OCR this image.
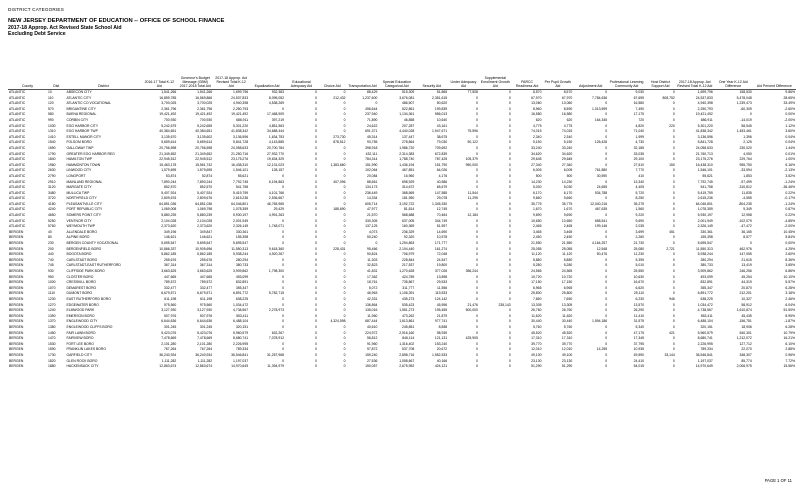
DISTRICT CATEGORIES
NEW JERSEY DEPARTMENT OF EDUCATION -- OFFICE OF SCHOOL FINANCE
2017-18 Approp. Act Revised State School Aid
Excluding Debt Service
County	Dist	District	2016-17 Total K-12 Aid	Governor's Budget Message (GBM) 2017-2018 Total Aid	2017-18 Approp. Act Revised Total K-12 Aid	Equalization Aid	Educational Adequacy Aid	Choice Aid	Transportation Aid	Special Education Categorical Aid	Security Aid	Under Adequacy Aid	Supplemental Enrollment Growth Aid	PARCC Readiness Aid	Per Pupil Growth Aid	Adjustment Aid	Professional Learning Community Aid	Host District Support Aid	2017-18 Approp. Act Revised Total K-12 Aid	One Year K-12 Aid Difference	Aid Percent Difference
ATLANTIC	10	ABSECON CITY	1,541,266	1,541,266	1,699,796	932,383	0	0	88,429	515,309	51,865	77,508	0	8,570	8,570	0	9,030	0	1,699,796	158,530	9.86%
ATLANTIC	110	ATLANTIC CITY	16,859,785	16,569,866	24,537,833	8,095,052	0	212,432	1,237,600	3,676,081	2,351,615	0	0	67,970	67,970	7,784,636	67,695	808,752	24,537,833	5,478,048	28.65%
ATLANTIC	120	ATLANTIC CO VOCATIONAL	3,700,025	3,700,025	4,940,398	4,538,269	0	0	0	486,507	50,620	0	0	13,060	13,060	0	16,580	0	4,940,398	1,239,473	33.49%
ATLANTIC	570	BRIGANTINE CITY	2,361,796	2,361,796	2,250,793	0	0	0	496,644	522,861	199,839	0	0	8,960	8,590	1,013,599	7,490	0	2,250,793	-60,309	-2.60%
ATLANTIC	580	BUENA REGIONAL	19,421,492	19,421,492	19,421,492	17,468,909	0	0	237,940	1,134,361	556,013	0	0	16,580	16,580	0	17,175	0	19,421,492	0	0.00%
ATLANTIC	990	CORBIN CITY	700,930	700,930	686,911	397,219	0	0	71,890	46,858	10,640	0	0	620	620	164,345	720	0	686,911	-14,019	-2.00%
ATLANTIC	1030	EGG HARBOR CITY	5,242,675	5,242,655	5,301,220	4,851,563	0	0	24,622	207,287	43,161	0	0	4,775	4,775	0	4,820	220	5,301,220	58,545	1.12%
ATLANTIC	1310	EGG HARBOR TWP	40,384,651	40,384,651	41,838,342	34,688,444	0	0	691,371	4,440,028	1,947,671	75,596	0	74,015	74,015	0	71,040	0	41,838,342	1,453,461	3.60%
ATLANTIC	1410	ESTELL MANOR CITY	3,135,670	3,135,602	3,136,596	1,634,753	0	273,730	45,314	137,447	38,675	0	0	2,340	2,340	0	1,999	0	3,136,596	1,396	0.04%
ATLANTIC	1540	FOLSOM BORO	5,659,614	5,659,614	5,841,728	4,143,885	0	878,512	93,755	278,864	79,030	50,122	0	5,150	5,150	126,428	4,730	0	5,841,728	2,125	0.04%
ATLANTIC	1690	GALLOWAY TWP	20,756,598	20,756,598	24,058,633	20,700,784	0	0	398,918	1,986,720	709,692	0	0	33,240	33,240	0	32,185	0	24,058,633	230,020	1.44%
ATLANTIC	1790	GREATER EGG HARBOR REG	21,349,652	21,349,652	21,250,716	27,932,770	0	0	432,111	2,314,383	672,839	0	0	34,620	34,620	0	33,035	0	21,760,713	4,050	0.01%
ATLANTIC	1840	HAMILTON TWP	22,945,512	22,945,512	23,175,276	19,634,329	0	0	784,314	1,788,740	787,425	105,379	0	29,645	29,645	0	29,100	0	23,175,276	229,764	1.00%
ATLANTIC	1960	HAMMONTON TOWN	15,463,178	15,561,742	16,438,310	12,131,023	0	1,383,660	151,990	1,436,194	151,790	950,000	0	27,340	27,340	0	27,510	150	16,438,310	955,750	6.16%
ATLANTIC	2630	LINWOOD CITY	1,579,695	1,579,695	1,546,101	128,157	0	0	102,064	467,851	64,026	0	0	6,005	6,005	761,880	7,770	0	1,546,101	-33,594	-2.13%
ATLANTIC	2790	LONGPORT	53,874	52,874	55,621	0	0	0	20,084	16,960	4,176	0	0	500	500	30,590	410	0	55,621	1,853	3.52%
ATLANTIC	2910	MAINLAND REGIONAL	7,890,244	7,890,244	7,792,745	6,194,863	0	407,096	88,661	698,929	40,586	0	0	14,230	14,230	0	13,340	0	7,792,745	-97,499	-1.24%
ATLANTIC	3120	MARGATE CITY	852,570	852,570	541,758	0	0	0	134,173	314,672	65,679	0	0	5,030	5,030	24,655	4,405	0	541,758	-310,812	-36.46%
ATLANTIC	3480	MULLICA TWP	5,407,924	5,407,924	5,419,759	4,101,766	0	0	236,449	368,569	147,585	11,544	0	6,170	6,170	534,788	5,720	0	5,419,759	11,835	0.22%
ATLANTIC	3720	NORTHFIELD CITY	2,809,676	2,809,676	2,615,236	2,536,667	0	0	14,334	181,950	29,078	11,295	0	9,660	9,660	0	8,250	0	2,615,236	-4,555	-0.17%
ATLANTIC	4180	PLEASANTVILLE CITY	64,851,036	64,851,036	64,046,801	46,765,965	0	0	605,714	3,192,722	1,345,330	0	0	35,775	35,775	12,040,216	35,275	0	64,046,801	-804,235	-1.24%
ATLANTIC	4240	PORT REPUBLIC CITY	1,069,008	1,069,798	1,078,359	29,429	0	188,690	47,977	81,814	12,745	0	0	1,670	1,670	467,635	1,560	0	1,078,359	9,349	0.87%
ATLANTIC	4650	SOMERS POINT CITY	5,880,239	5,880,239	5,930,197	4,991,263	0	0	21,570	568,688	70,464	12,184	0	9,690	9,690	0	9,220	0	5,930,197	12,958	0.22%
ATLANTIC	5250	VENTNOR CITY	2,104,028	2,104,028	2,001,949	0	0	0	330,305	637,005	344,749	0	0	10,650	10,650	658,541	9,690	0	2,001,949	-102,079	-4.85%
ATLANTIC	5760	WEYMOUTH TWP	2,373,620	2,373,620	2,326,149	1,748,071	0	0	137,125	160,369	51,597	0	0	2,465	2,465	199,146	2,035	0	2,326,149	-47,472	-2.00%
BERGEN	40	ALLENDALE BORO	349,196	349,847	330,361	0	0	0	4,073	236,329	14,690	0	0	3,465	3,465	0	3,699	451	330,361	36,165	10.45%
BERGEN	80	ALPINE BORO	146,621	146,621	155,398	0	0	0	50,240	92,320	10,578	0	0	2,450	2,450	0	2,260	0	155,398	8,577	5.84%
BERGEN	230	BERGEN COUNTY VOCATIONAL	5,695,547	5,695,547	5,695,547	0	0	0	0	1,294,863	171,777	0	0	21,550	21,550	4,164,257	21,730	0	5,695,547	0	0.00%
BERGEN	200	BERGENFIELD BORO	10,866,337	10,905,696	11,550,313	9,618,360	0	228,431	95,466	2,104,440	161,274	0	0	25,055	25,055	12,548	25,080	2,721	11,550,313	462,976	4.25%
BERGEN	440	BOGOTA BORO	5,862,185	5,862,185	5,938,244	4,920,267	0	0	50,824	706,979	72,048	0	0	11,120	11,120	50,476	11,230	0	5,938,244	147,055	2.60%
BERGEN	740	CARLSTADT BORO	255,676	255,676	280,294	0	0	0	11,303	228,844	24,547	0	0	5,880	5,880	0	5,395	0	280,294	21,615	8.36%
BERGEN	745	CARLSTADT-EAST RUTHERFORD	367,314	367,314	380,733	0	0	0	32,823	217,537	19,800	0	0	5,280	5,280	0	5,010	0	380,733	13,419	3.65%
BERGEN	930	CLIFFSIDE PARK BORO	3,663,625	3,663,625	3,909,862	1,798,300	0	0	41,831	1,270,628	377,026	356,244	0	24,565	24,565	0	25,550	0	3,909,862	246,256	6.86%
BERGEN	950	CLOSTER BORO	447,665	447,665	493,099	0	0	0	17,362	424,789	13,898	0	0	10,720	10,720	0	10,630	0	493,099	45,254	10.10%
BERGEN	1000	CRESSKILL BORO	789,572	789,572	832,891	0	0	0	18,761	735,867	29,533	0	0	17,150	17,150	0	16,670	0	832,891	44,319	5.57%
BERGEN	1070	DEMAREST BORO	332,477	332,477	355,347	0	0	0	5,072	311,777	11,556	0	0	6,965	6,965	0	6,620	0	355,347	20,870	6.28%
BERGEN	1110	DUMONT BORO	6,679,571	6,679,571	6,891,772	5,782,715	0	0	46,963	1,106,391	119,533	0	0	25,800	25,800	0	25,110	0	6,891,772	212,201	3.18%
BERGEN	1230	EAST RUTHERFORD BORO	611,198	611,198	638,225	0	0	0	42,331	435,273	124,142	0	0	7,650	7,650	0	6,230	946	638,225	10,327	2.46%
BERGEN	1270	EDGEWATER BORO	975,560	975,560	1,034,472	0	0	0	136,864	535,423	45,596	21,476	235,143	13,305	13,305	0	13,570	0	1,034,472	58,912	6.04%
BERGEN	1240	ELMWOOD PARK	3,127,930	3,127,930	4,738,567	2,278,973	0	0	135,016	1,551,273	195,455	500,000	0	26,760	26,760	0	26,290	0	4,738,567	1,610,874	51.50%
BERGEN	1390	EMERSON BORO	507,976	507,976	553,411	0	0	0	11,960	473,262	21,879	0	0	11,620	11,620	0	11,410	0	553,411	45,435	8.95%
BERGEN	1370	ENGLEWOOD CITY	6,644,636	6,644,636	6,488,104	0	0	4,324,598	687,444	1,613,861	977,741	0	0	30,440	30,440	1,594,186	31,575	0	6,488,104	-156,751	-1.87%
BERGEN	1380	ENGLEWOOD CLIFFS BORO	301,245	301,245	320,151	0	0	0	40,610	245,851	8,588	0	0	5,760	5,760	0	5,340	0	320,151	18,906	6.28%
BERGEN	1450	FAIR LAWN BORO	5,423,076	5,423,076	5,960,579	632,267	0	0	224,972	2,916,160	98,939	0	0	45,520	45,520	0	47,175	421	5,960,579	540,301	10.79%
BERGEN	1470	FAIRVIEW BORO	7,478,669	7,478,669	8,680,741	7,078,912	0	0	56,812	846,114	121,131	425,905	0	17,310	17,310	0	17,345	0	8,680,741	1,212,072	16.21%
BERGEN	1530	FORT LEE BORO	2,101,280	2,101,280	2,226,995	0	0	0	91,960	1,316,402	153,240	0	0	39,770	39,770	0	37,795	0	2,226,995	127,712	6.10%
BERGEN	1590	FRANKLIN LAKES BORO	767,264	767,264	789,334	0	0	0	97,872	537,708	20,672	0	0	12,010	12,010	14,255	10,935	0	789,334	22,070	2.88%
BERGEN	1730	GARFIELD CITY	36,240,934	36,240,934	36,546,841	31,257,968	0	0	159,240	2,898,716	1,552,533	0	0	49,100	49,100	0	49,590	33,144	36,546,841	348,307	0.96%
BERGEN	1820	GLEN ROCK BORO	1,111,282	1,111,282	1,197,037	0	0	0	27,536	1,058,667	40,166	0	0	23,130	23,130	0	24,410	0	1,197,037	85,774	7.72%
BERGEN	1880	HACKENSACK CITY	12,863,674	12,863,674	14,970,649	11,394,979	0	0	150,057	2,675,952	424,121	0	0	51,290	51,290	0	54,015	0	14,970,649	2,006,975	15.56%
PAGE 1 OF 11
